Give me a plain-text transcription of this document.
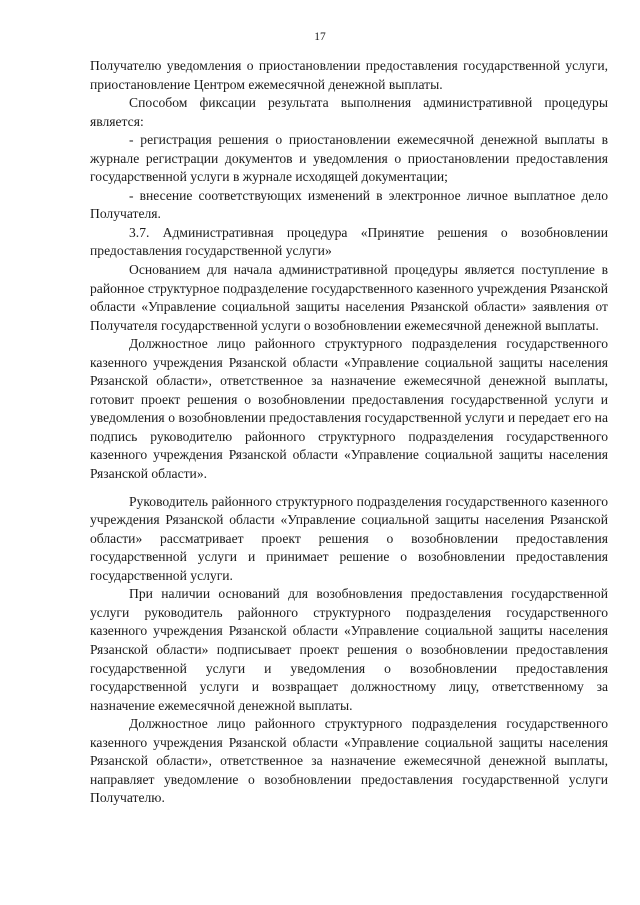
17

Получателю уведомления о приостановлении предоставления государственной услуги, приостановление Центром ежемесячной денежной выплаты.

Способом фиксации результата выполнения административной процедуры является:

- регистрация решения о приостановлении ежемесячной денежной выплаты в журнале регистрации документов и уведомления о приостановлении предоставления государственной услуги в журнале исходящей документации;

- внесение соответствующих изменений в электронное личное выплатное дело Получателя.

3.7. Административная процедура «Принятие решения о возобновлении предоставления государственной услуги»

Основанием для начала административной процедуры является поступление в районное структурное подразделение государственного казенного учреждения Рязанской области «Управление социальной защиты населения Рязанской области» заявления от Получателя государственной услуги о возобновлении ежемесячной денежной выплаты.

Должностное лицо районного структурного подразделения государственного казенного учреждения Рязанской области «Управление социальной защиты населения Рязанской области», ответственное за назначение ежемесячной денежной выплаты, готовит проект решения о возобновлении предоставления государственной услуги и уведомления о возобновлении предоставления государственной услуги и передает его на подпись руководителю районного структурного подразделения государственного казенного учреждения Рязанской области «Управление социальной защиты населения Рязанской области».

Руководитель районного структурного подразделения государственного казенного учреждения Рязанской области «Управление социальной защиты населения Рязанской области» рассматривает проект решения о возобновлении предоставления государственной услуги и принимает решение о возобновлении предоставления государственной услуги.

При наличии оснований для возобновления предоставления государственной услуги руководитель районного структурного подразделения государственного казенного учреждения Рязанской области «Управление социальной защиты населения Рязанской области» подписывает проект решения о возобновлении предоставления государственной услуги и уведомления о возобновлении предоставления государственной услуги и возвращает должностному лицу, ответственному за назначение ежемесячной денежной выплаты.

Должностное лицо районного структурного подразделения государственного казенного учреждения Рязанской области «Управление социальной защиты населения Рязанской области», ответственное за назначение ежемесячной денежной выплаты, направляет уведомление о возобновлении предоставления государственной услуги Получателю.
